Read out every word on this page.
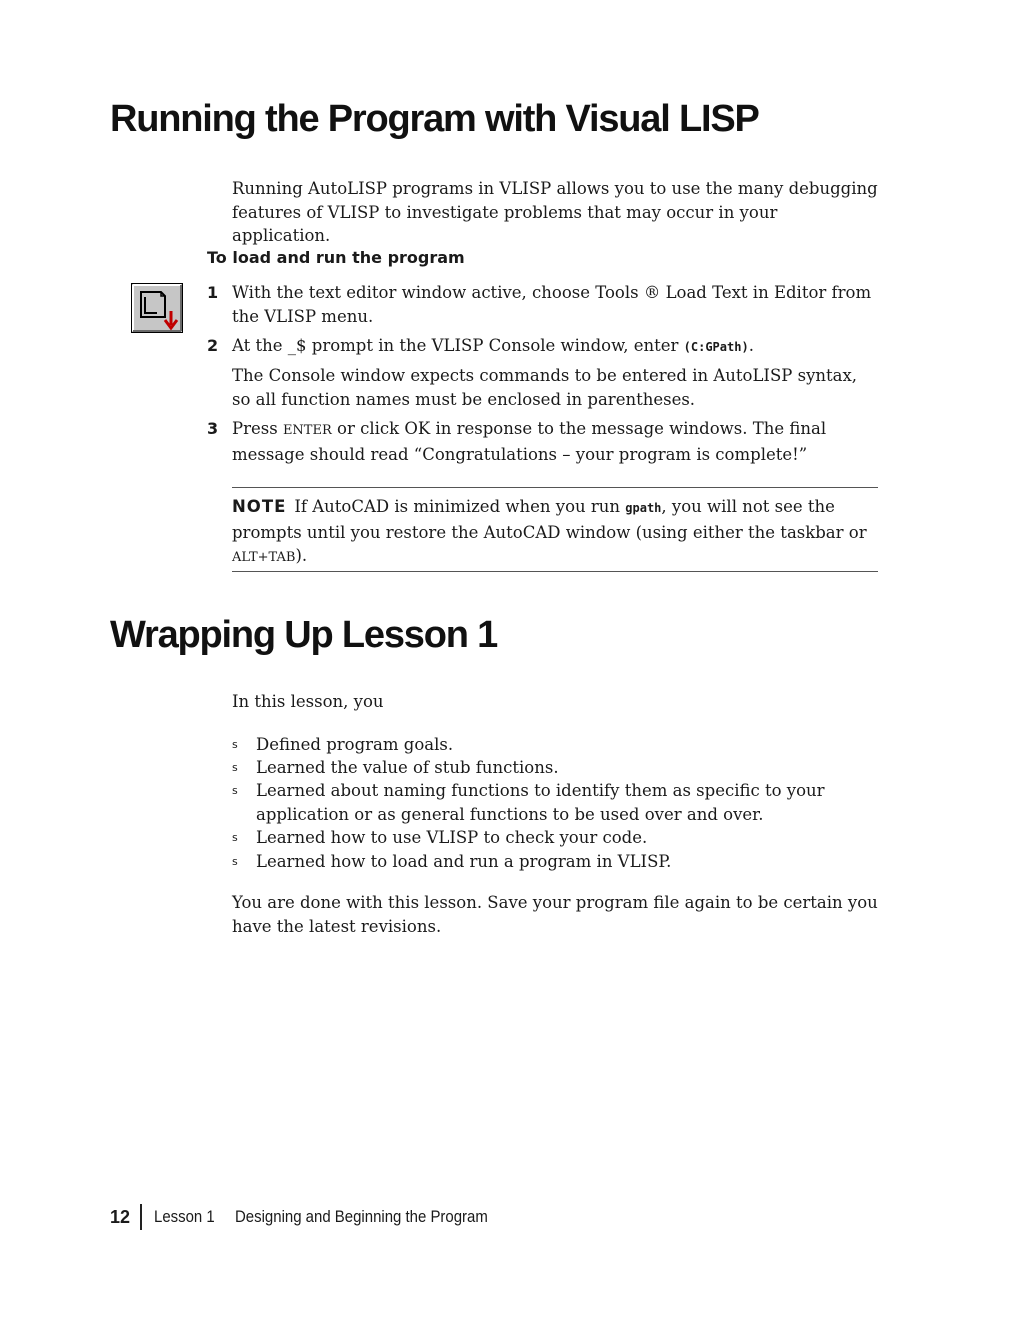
Running the Program with Visual LISP
Running AutoLISP programs in VLISP allows you to use the many debugging features of VLISP to investigate problems that may occur in your application.
To load and run the program
1 With the text editor window active, choose Tools ® Load Text in Editor from the VLISP menu.
2 At the _$ prompt in the VLISP Console window, enter (C:GPath).
The Console window expects commands to be entered in AutoLISP syntax, so all function names must be enclosed in parentheses.
3 Press ENTER or click OK in response to the message windows. The final message should read “Congratulations – your program is complete!”
NOTE If AutoCAD is minimized when you run gpath, you will not see the prompts until you restore the AutoCAD window (using either the taskbar or ALT+TAB).
Wrapping Up Lesson 1
In this lesson, you
s Defined program goals.
s Learned the value of stub functions.
s Learned about naming functions to identify them as specific to your application or as general functions to be used over and over.
s Learned how to use VLISP to check your code.
s Learned how to load and run a program in VLISP.
You are done with this lesson. Save your program file again to be certain you have the latest revisions.
12 Lesson 1 Designing and Beginning the Program
